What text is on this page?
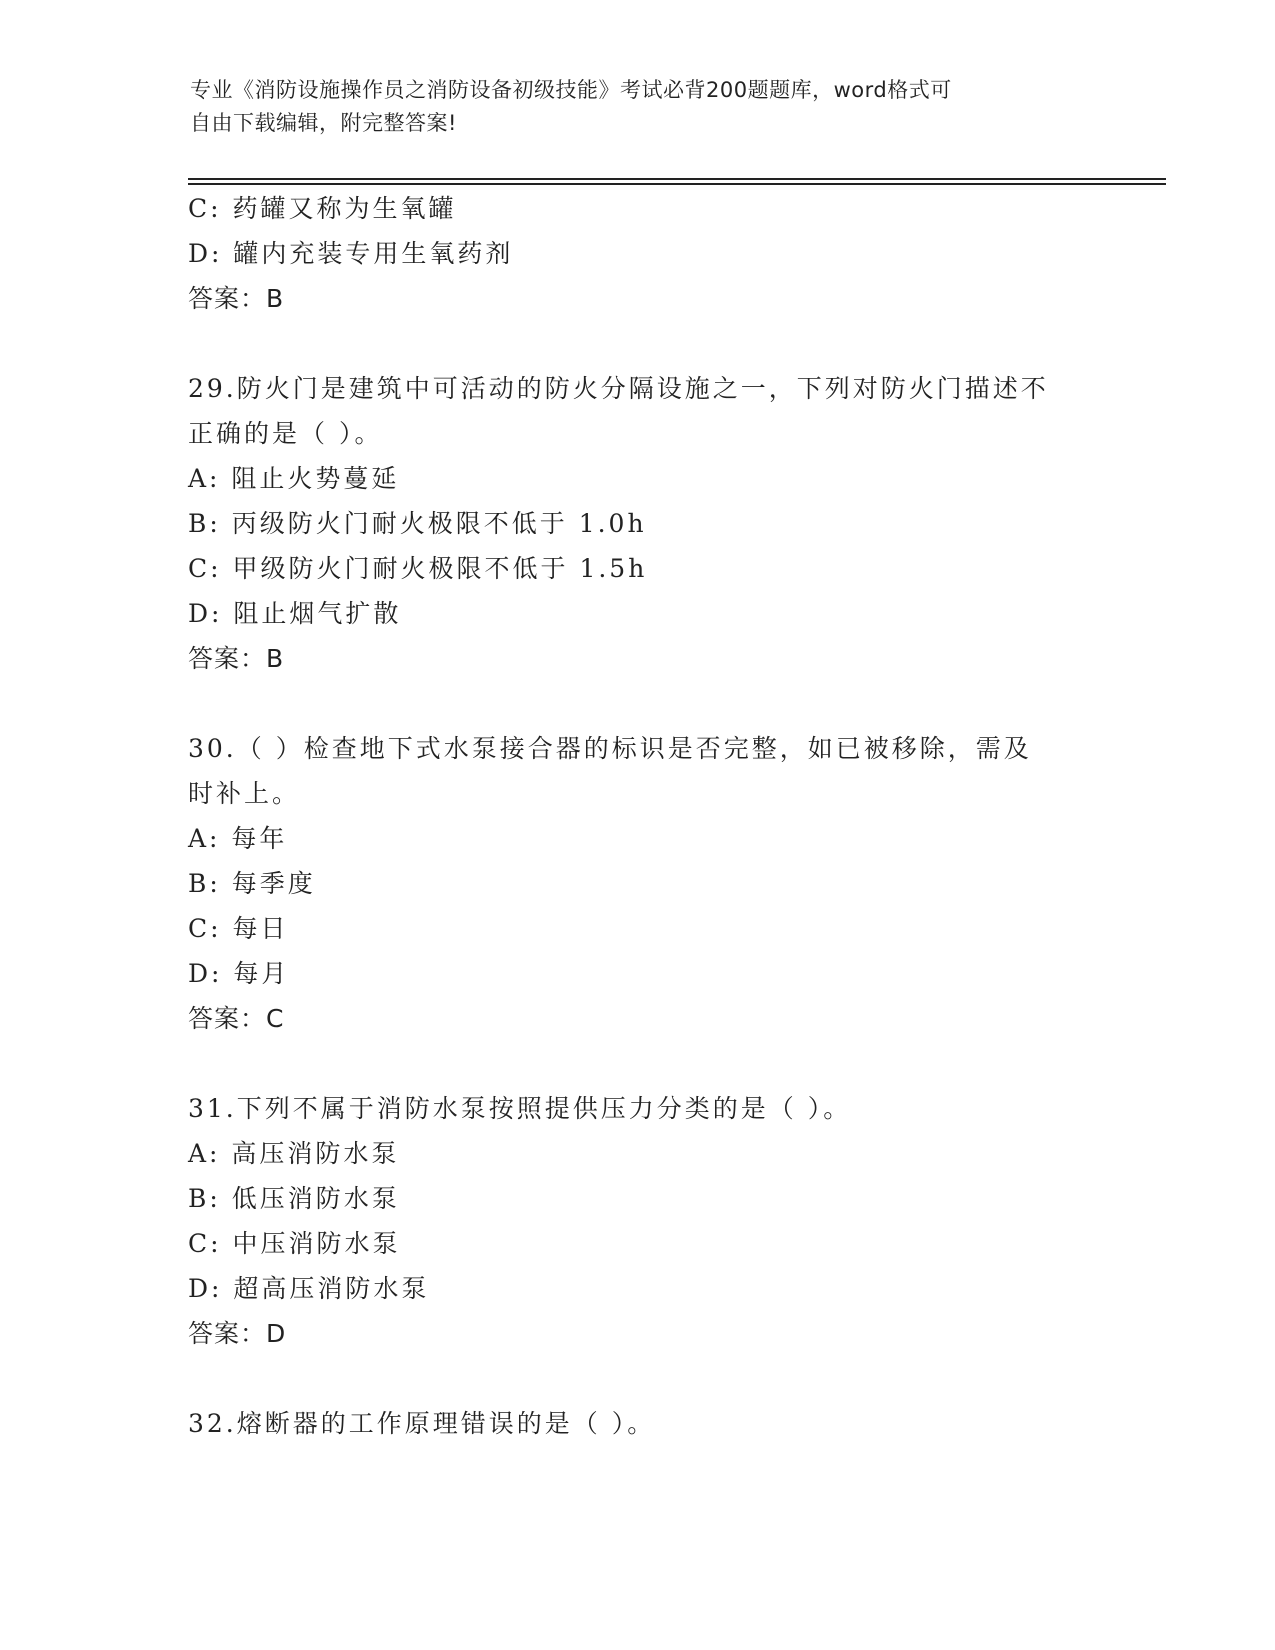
专业《消防设施操作员之消防设备初级技能》考试必背200题题库，word格式可
自由下载编辑，附完整答案!
C: 药罐又称为生氧罐
D: 罐内充装专用生氧药剂
答案：B
29.防火门是建筑中可活动的防火分隔设施之一，下列对防火门描述不
正确的是（ ）。
A: 阻止火势蔓延
B: 丙级防火门耐火极限不低于 1.0h
C: 甲级防火门耐火极限不低于 1.5h
D: 阻止烟气扩散
答案：B
30.（ ）检查地下式水泵接合器的标识是否完整，如已被移除，需及
时补上。
A: 每年
B: 每季度
C: 每日
D: 每月
答案：C
31.下列不属于消防水泵按照提供压力分类的是（ ）。
A: 高压消防水泵
B: 低压消防水泵
C: 中压消防水泵
D: 超高压消防水泵
答案：D
32.熔断器的工作原理错误的是（ ）。
